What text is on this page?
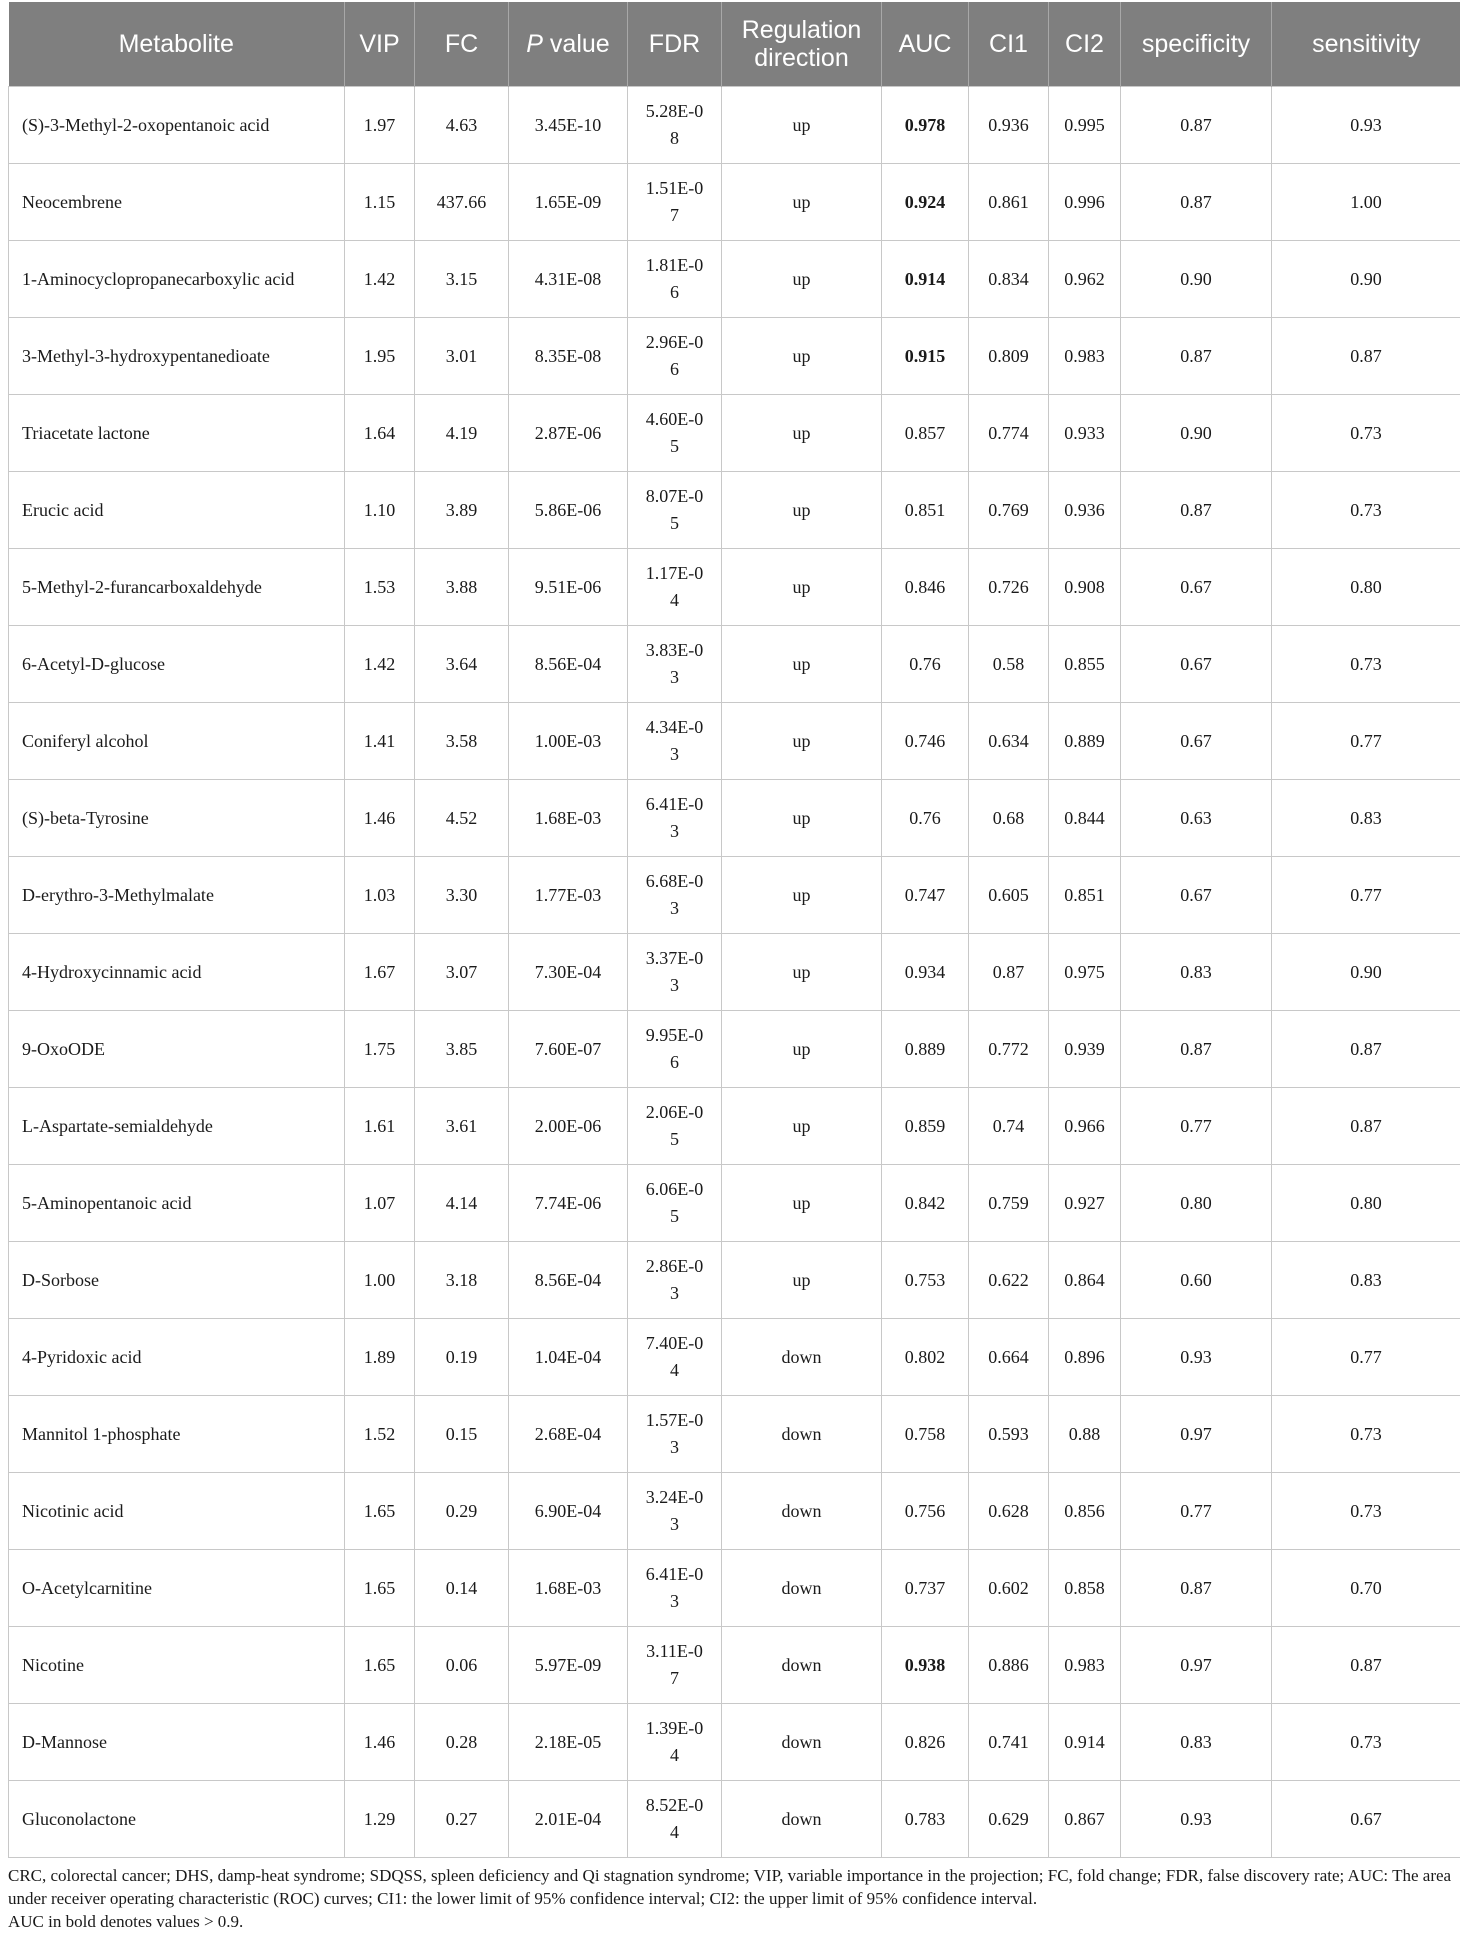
Metabolite	VIP	FC	P value	FDR	Regulation direction	AUC	CI1	CI2	specificity	sensitivity
(S)-3-Methyl-2-oxopentanoic acid	1.97	4.63	3.45E-10	5.28E-08	up	0.978	0.936	0.995	0.87	0.93
Neocembrene	1.15	437.66	1.65E-09	1.51E-07	up	0.924	0.861	0.996	0.87	1.00
1-Aminocyclopropanecarboxylic acid	1.42	3.15	4.31E-08	1.81E-06	up	0.914	0.834	0.962	0.90	0.90
3-Methyl-3-hydroxypentanedioate	1.95	3.01	8.35E-08	2.96E-06	up	0.915	0.809	0.983	0.87	0.87
Triacetate lactone	1.64	4.19	2.87E-06	4.60E-05	up	0.857	0.774	0.933	0.90	0.73
Erucic acid	1.10	3.89	5.86E-06	8.07E-05	up	0.851	0.769	0.936	0.87	0.73
5-Methyl-2-furancarboxaldehyde	1.53	3.88	9.51E-06	1.17E-04	up	0.846	0.726	0.908	0.67	0.80
6-Acetyl-D-glucose	1.42	3.64	8.56E-04	3.83E-03	up	0.76	0.58	0.855	0.67	0.73
Coniferyl alcohol	1.41	3.58	1.00E-03	4.34E-03	up	0.746	0.634	0.889	0.67	0.77
(S)-beta-Tyrosine	1.46	4.52	1.68E-03	6.41E-03	up	0.76	0.68	0.844	0.63	0.83
D-erythro-3-Methylmalate	1.03	3.30	1.77E-03	6.68E-03	up	0.747	0.605	0.851	0.67	0.77
4-Hydroxycinnamic acid	1.67	3.07	7.30E-04	3.37E-03	up	0.934	0.87	0.975	0.83	0.90
9-OxoODE	1.75	3.85	7.60E-07	9.95E-06	up	0.889	0.772	0.939	0.87	0.87
L-Aspartate-semialdehyde	1.61	3.61	2.00E-06	2.06E-05	up	0.859	0.74	0.966	0.77	0.87
5-Aminopentanoic acid	1.07	4.14	7.74E-06	6.06E-05	up	0.842	0.759	0.927	0.80	0.80
D-Sorbose	1.00	3.18	8.56E-04	2.86E-03	up	0.753	0.622	0.864	0.60	0.83
4-Pyridoxic acid	1.89	0.19	1.04E-04	7.40E-04	down	0.802	0.664	0.896	0.93	0.77
Mannitol 1-phosphate	1.52	0.15	2.68E-04	1.57E-03	down	0.758	0.593	0.88	0.97	0.73
Nicotinic acid	1.65	0.29	6.90E-04	3.24E-03	down	0.756	0.628	0.856	0.77	0.73
O-Acetylcarnitine	1.65	0.14	1.68E-03	6.41E-03	down	0.737	0.602	0.858	0.87	0.70
Nicotine	1.65	0.06	5.97E-09	3.11E-07	down	0.938	0.886	0.983	0.97	0.87
D-Mannose	1.46	0.28	2.18E-05	1.39E-04	down	0.826	0.741	0.914	0.83	0.73
Gluconolactone	1.29	0.27	2.01E-04	8.52E-04	down	0.783	0.629	0.867	0.93	0.67
CRC, colorectal cancer; DHS, damp-heat syndrome; SDQSS, spleen deficiency and Qi stagnation syndrome; VIP, variable importance in the projection; FC, fold change; FDR, false discovery rate; AUC: The area under receiver operating characteristic (ROC) curves; CI1: the lower limit of 95% confidence interval; CI2: the upper limit of 95% confidence interval.
AUC in bold denotes values > 0.9.
